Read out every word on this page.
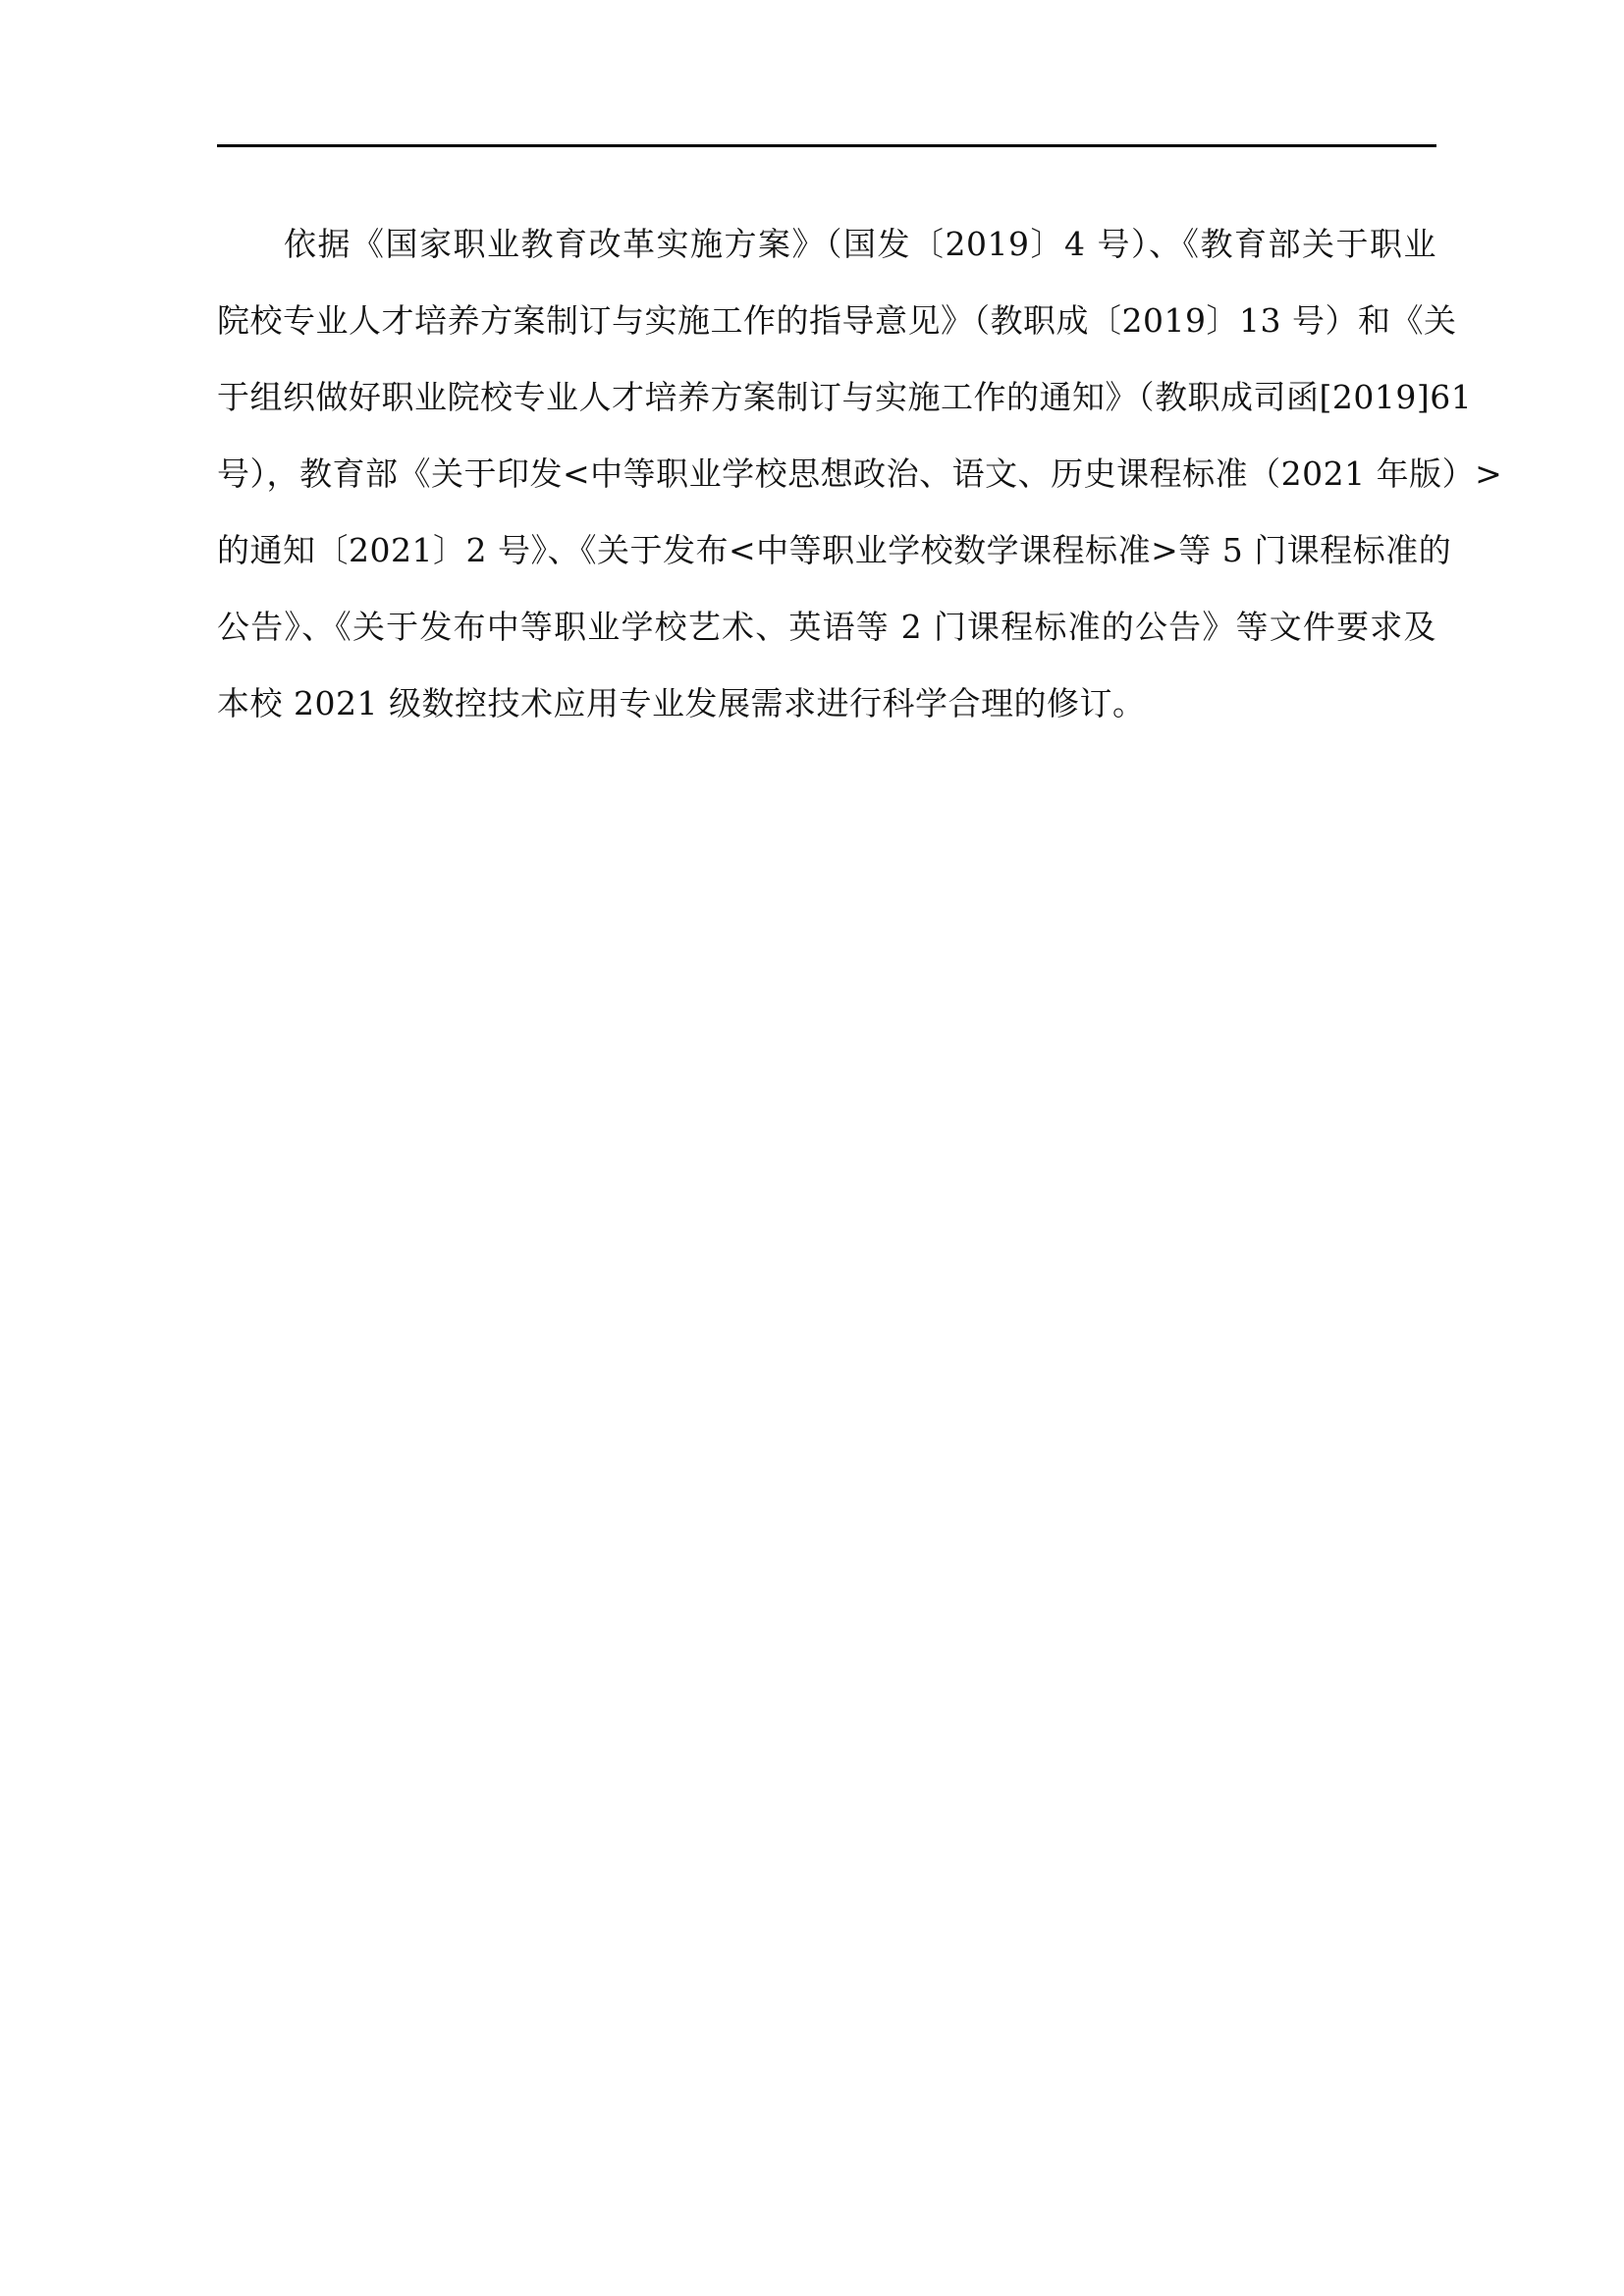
依据《国家职业教育改革实施方案》（国发〔2019〕4 号）、《教育部关于职业
院校专业人才培养方案制订与实施工作的指导意见》（教职成〔2019〕13 号）和《关
于组织做好职业院校专业人才培养方案制订与实施工作的通知》（教职成司函[2019]61
号），教育部《关于印发<中等职业学校思想政治、语文、历史课程标准（2021 年版）>
的通知〔2021〕2 号》、《关于发布<中等职业学校数学课程标准>等 5 门课程标准的
公告》、《关于发布中等职业学校艺术、英语等 2 门课程标准的公告》等文件要求及
本校 2021 级数控技术应用专业发展需求进行科学合理的修订。
